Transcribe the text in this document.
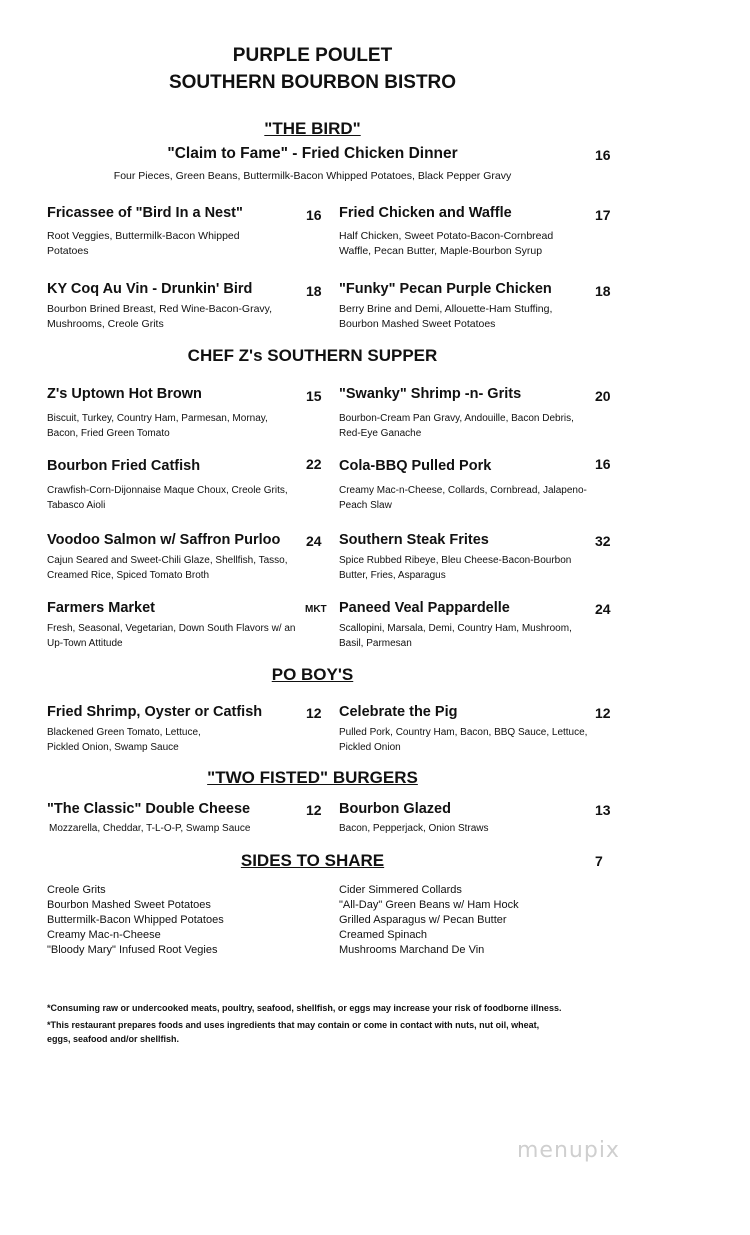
PURPLE POULET
SOUTHERN BOURBON BISTRO
"THE BIRD"
"Claim to Fame" - Fried Chicken Dinner	16
Four Pieces, Green Beans, Buttermilk-Bacon Whipped Potatoes, Black Pepper Gravy
Fricassee of "Bird In a Nest"	16
Root Veggies, Buttermilk-Bacon Whipped
Potatoes
Fried Chicken and Waffle	17
Half Chicken, Sweet Potato-Bacon-Cornbread
Waffle, Pecan Butter, Maple-Bourbon Syrup
KY Coq Au Vin - Drunkin' Bird	18
Bourbon Brined Breast, Red Wine-Bacon-Gravy,
Mushrooms, Creole Grits
"Funky" Pecan Purple Chicken	18
Berry Brine and Demi, Allouette-Ham Stuffing,
Bourbon Mashed Sweet Potatoes
CHEF Z's SOUTHERN SUPPER
Z's Uptown Hot Brown	15
Biscuit, Turkey, Country Ham, Parmesan, Mornay,
Bacon, Fried Green Tomato
"Swanky" Shrimp -n- Grits	20
Bourbon-Cream Pan Gravy, Andouille, Bacon Debris,
Red-Eye Ganache
Bourbon Fried Catfish	22
Crawfish-Corn-Dijonnaise Maque Choux, Creole Grits,
Tabasco Aioli
Cola-BBQ Pulled Pork	16
Creamy Mac-n-Cheese, Collards, Cornbread, Jalapeno-
Peach Slaw
Voodoo Salmon w/ Saffron Purloo 24
Cajun Seared and Sweet-Chili Glaze, Shellfish, Tasso,
Creamed Rice, Spiced Tomato Broth
Southern Steak Frites	32
Spice Rubbed Ribeye, Bleu Cheese-Bacon-Bourbon
Butter, Fries, Asparagus
Farmers Market	MKT
Fresh, Seasonal, Vegetarian, Down South Flavors w/ an
Up-Town Attitude
Paneed Veal Pappardelle	24
Scallopini, Marsala, Demi, Country Ham, Mushroom,
Basil, Parmesan
PO BOY'S
Fried Shrimp, Oyster or Catfish	12
Blackened Green Tomato, Lettuce,
Pickled Onion, Swamp Sauce
Celebrate the Pig	12
Pulled Pork, Country Ham, Bacon, BBQ Sauce, Lettuce,
Pickled Onion
"TWO FISTED" BURGERS
"The Classic" Double Cheese	12
Mozzarella, Cheddar, T-L-O-P, Swamp Sauce
Bourbon Glazed	13
Bacon, Pepperjack, Onion Straws
SIDES TO SHARE	7
Creole Grits
Bourbon Mashed Sweet Potatoes
Buttermilk-Bacon Whipped Potatoes
Creamy Mac-n-Cheese
"Bloody Mary" Infused Root Vegies
Cider Simmered Collards
"All-Day" Green Beans w/ Ham Hock
Grilled Asparagus w/ Pecan Butter
Creamed Spinach
Mushrooms Marchand De Vin
*Consuming raw or undercooked meats, poultry, seafood, shellfish, or eggs may increase your risk of foodborne illness.
*This restaurant prepares foods and uses ingredients that may contain or come in contact with nuts, nut oil, wheat,
eggs, seafood and/or shellfish.
menupix
